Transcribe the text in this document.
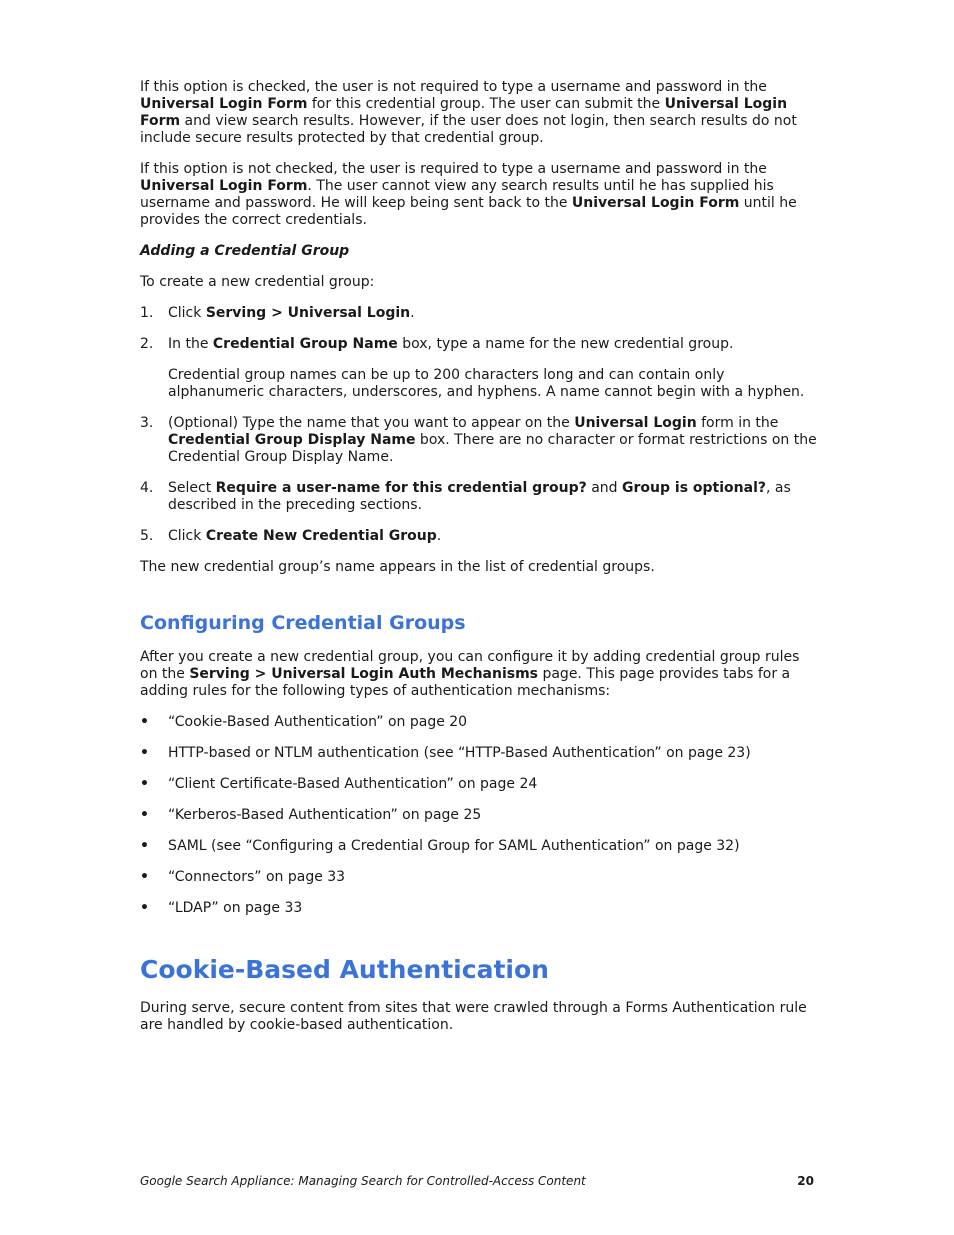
If this option is checked, the user is not required to type a username and password in the Universal Login Form for this credential group. The user can submit the Universal Login Form and view search results. However, if the user does not login, then search results do not include secure results protected by that credential group.

If this option is not checked, the user is required to type a username and password in the Universal Login Form. The user cannot view any search results until he has supplied his username and password. He will keep being sent back to the Universal Login Form until he provides the correct credentials.

Adding a Credential Group

To create a new credential group:

1. Click Serving > Universal Login.
2. In the Credential Group Name box, type a name for the new credential group.
Credential group names can be up to 200 characters long and can contain only alphanumeric characters, underscores, and hyphens. A name cannot begin with a hyphen.
3. (Optional) Type the name that you want to appear on the Universal Login form in the Credential Group Display Name box. There are no character or format restrictions on the Credential Group Display Name.
4. Select Require a user-name for this credential group? and Group is optional?, as described in the preceding sections.
5. Click Create New Credential Group.

The new credential group’s name appears in the list of credential groups.

Configuring Credential Groups

After you create a new credential group, you can configure it by adding credential group rules on the Serving > Universal Login Auth Mechanisms page. This page provides tabs for a adding rules for the following types of authentication mechanisms:

• “Cookie-Based Authentication” on page 20
• HTTP-based or NTLM authentication (see “HTTP-Based Authentication” on page 23)
• “Client Certificate-Based Authentication” on page 24
• “Kerberos-Based Authentication” on page 25
• SAML (see “Configuring a Credential Group for SAML Authentication” on page 32)
• “Connectors” on page 33
• “LDAP” on page 33
Cookie-Based Authentication

During serve, secure content from sites that were crawled through a Forms Authentication rule are handled by cookie-based authentication.

Google Search Appliance: Managing Search for Controlled-Access Content	20
